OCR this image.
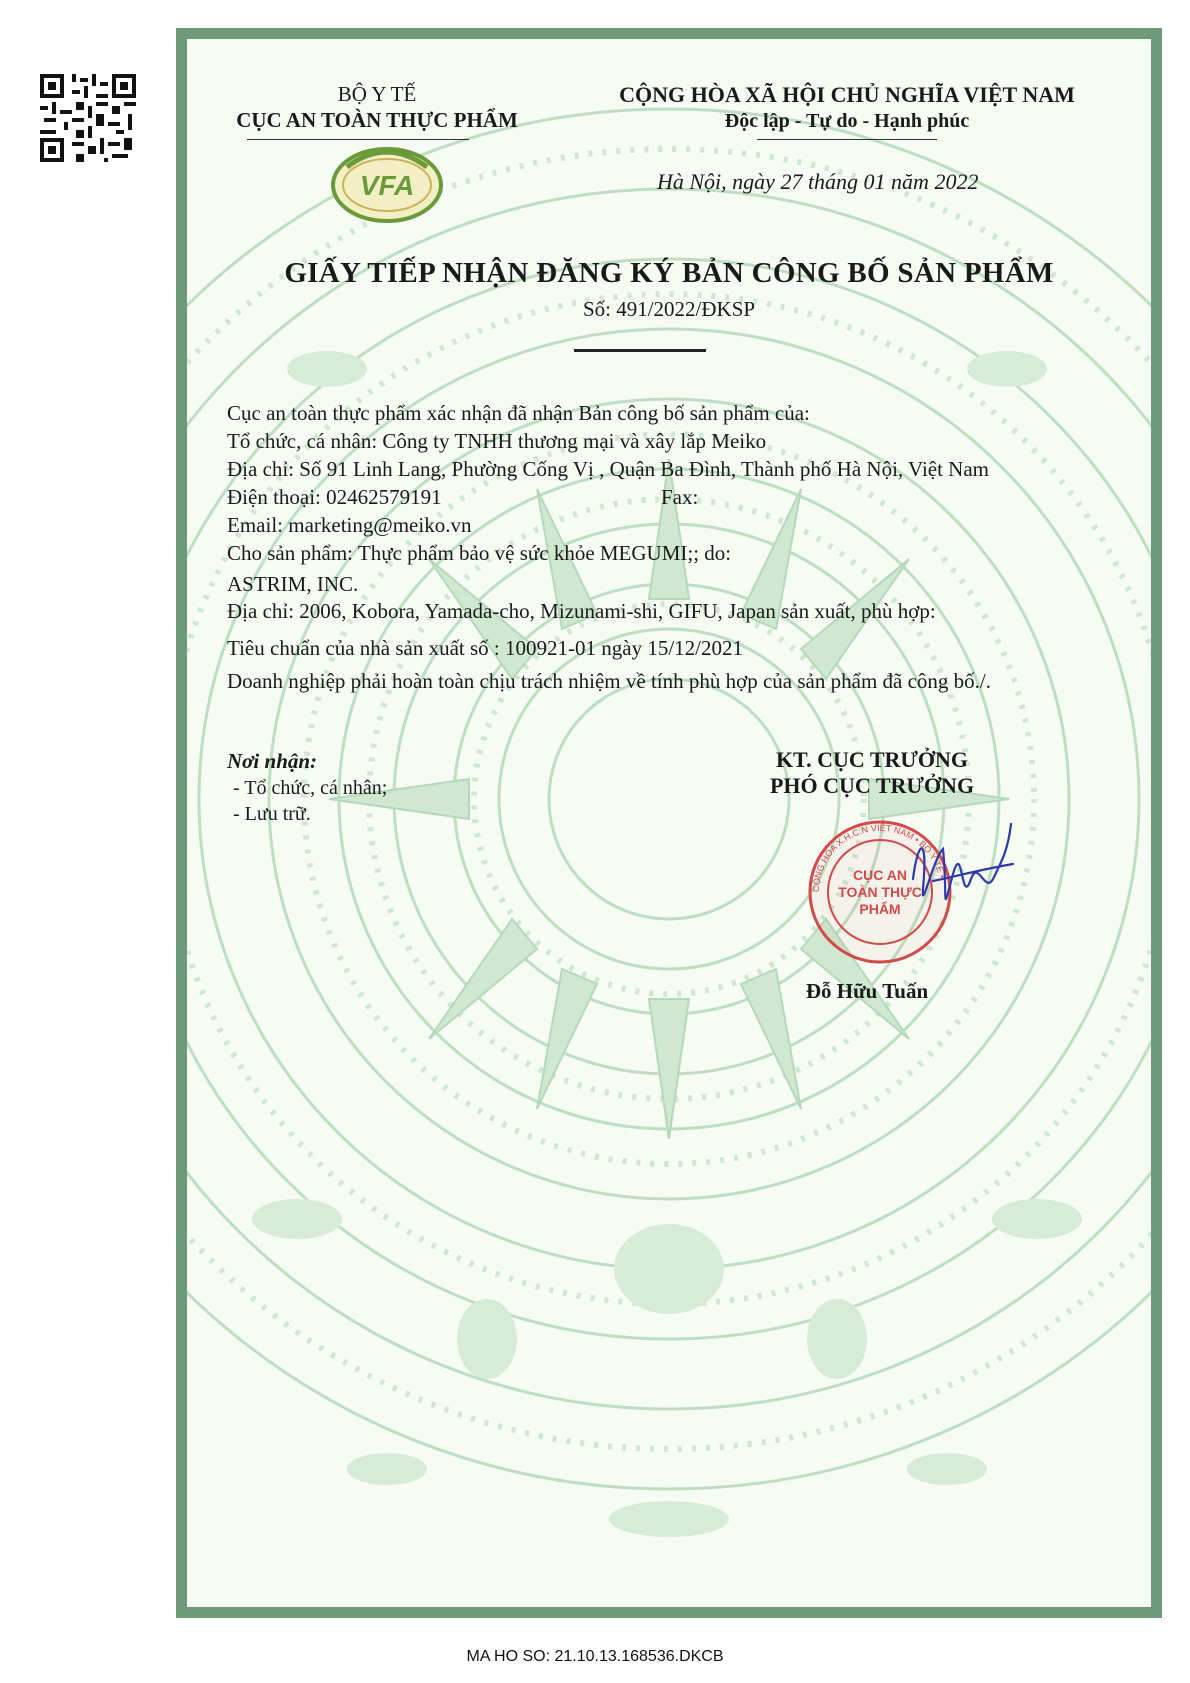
BỘ Y TẾ
CỤC AN TOÀN THỰC PHẨM
VFA
CỘNG HÒA XÃ HỘI CHỦ NGHĨA VIỆT NAM
Độc lập - Tự do - Hạnh phúc
Hà Nội, ngày 27 tháng 01 năm 2022
GIẤY TIẾP NHẬN ĐĂNG KÝ BẢN CÔNG BỐ SẢN PHẨM
Số: 491/2022/ĐKSP
Cục an toàn thực phẩm xác nhận đã nhận Bản công bố sản phẩm của:
Tổ chức, cá nhân: Công ty TNHH thương mại và xây lắp Meiko
Địa chỉ: Số 91 Linh Lang, Phường Cống Vị , Quận Ba Đình, Thành phố Hà Nội, Việt Nam
Điện thoại: 02462579191	Fax:
Email: marketing@meiko.vn
Cho sản phẩm: Thực phẩm bảo vệ sức khỏe MEGUMI;; do:
ASTRIM, INC.
Địa chỉ: 2006, Kobora, Yamada-cho, Mizunami-shi, GIFU, Japan sản xuất, phù hợp:
Tiêu chuẩn của nhà sản xuất số : 100921-01 ngày 15/12/2021
Doanh nghiệp phải hoàn toàn chịu trách nhiệm về tính phù hợp của sản phẩm đã công bố./.
Nơi nhận:
- Tổ chức, cá nhân;
- Lưu trữ.
KT. CỤC TRƯỞNG
PHÓ CỤC TRƯỞNG
CỘNG HÒA X.H.C.N VIỆT NAM • BỘ Y TẾ •
CỤC AN TOÀN THỰC PHẨM
Đỗ Hữu Tuấn
MA HO SO: 21.10.13.168536.DKCB
